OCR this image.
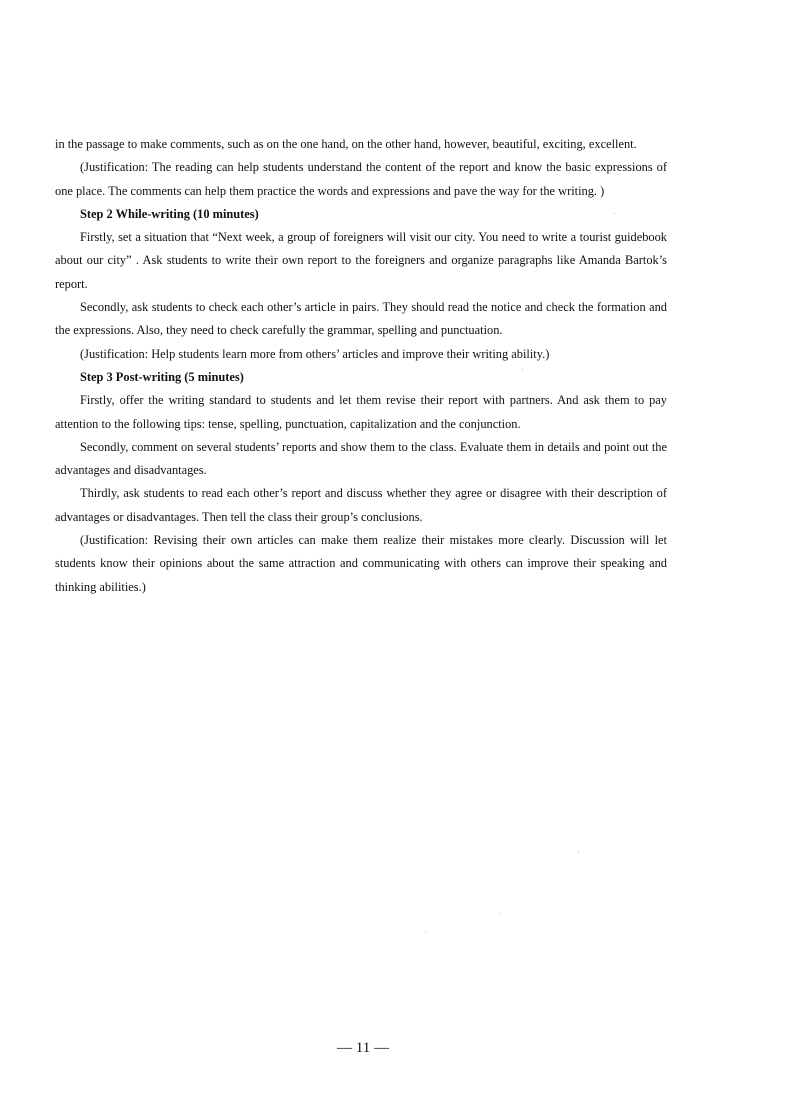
in the passage to make comments, such as on the one hand, on the other hand, however, beautiful, exciting, excellent.

(Justification: The reading can help students understand the content of the report and know the basic expressions of one place. The comments can help them practice the words and expressions and pave the way for the writing. )

Step 2 While-writing (10 minutes)

Firstly, set a situation that “Next week, a group of foreigners will visit our city. You need to write a tourist guidebook about our city” . Ask students to write their own report to the foreigners and organize paragraphs like Amanda Bartok’s report.

Secondly, ask students to check each other’s article in pairs. They should read the notice and check the formation and the expressions. Also, they need to check carefully the grammar, spelling and punctuation.

(Justification: Help students learn more from others’ articles and improve their writing ability.)

Step 3 Post-writing (5 minutes)

Firstly, offer the writing standard to students and let them revise their report with partners. And ask them to pay attention to the following tips: tense, spelling, punctuation, capitalization and the conjunction.

Secondly, comment on several students’ reports and show them to the class. Evaluate them in details and point out the advantages and disadvantages.

Thirdly, ask students to read each other’s report and discuss whether they agree or disagree with their description of advantages or disadvantages. Then tell the class their group’s conclusions.

(Justification: Revising their own articles can make them realize their mistakes more clearly. Discussion will let students know their opinions about the same attraction and communicating with others can improve their speaking and thinking abilities.)

— 11 —
